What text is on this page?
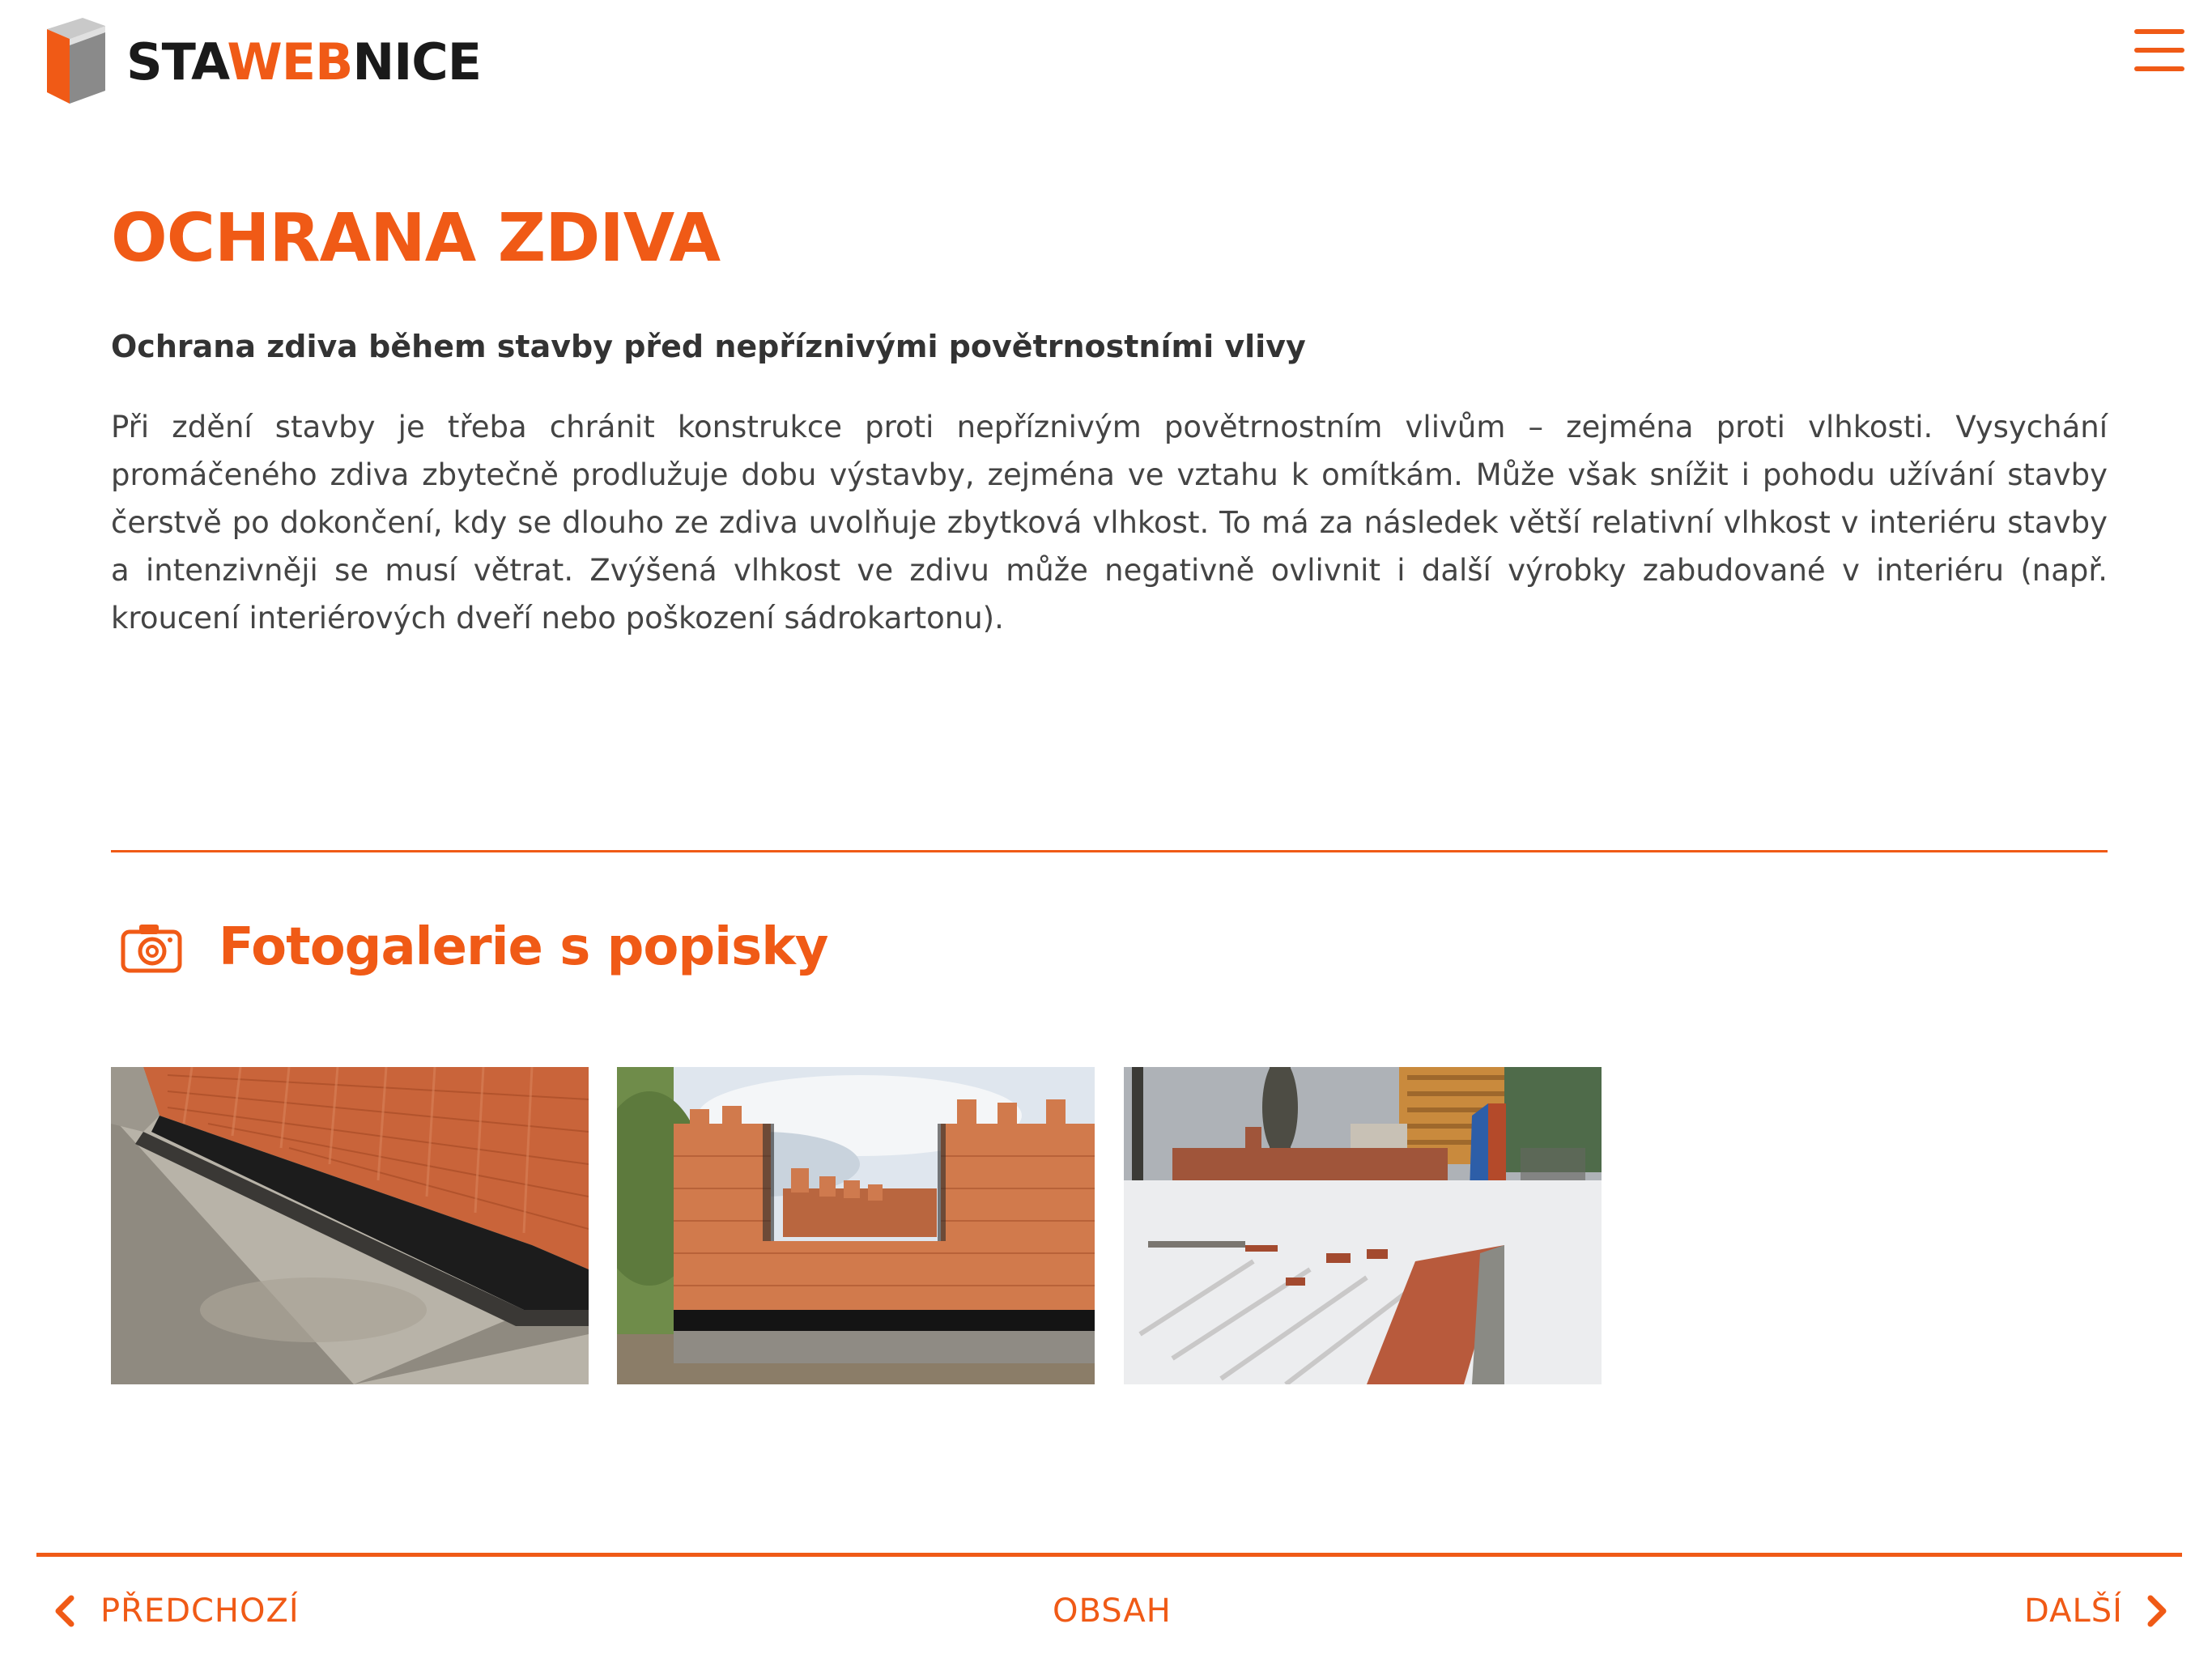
STAWEBNICE
OCHRANA ZDIVA

Ochrana zdiva během stavby před nepříznivými povětrnostními vlivy

Při zdění stavby je třeba chránit konstrukce proti nepříznivým povětrnostním vlivům – zejména proti vlhkosti. Vysychání promáčeného zdiva zbytečně prodlužuje dobu výstavby, zejména ve vztahu k omítkám. Může však snížit i pohodu užívání stavby čerstvě po dokončení, kdy se dlouho ze zdiva uvolňuje zbytková vlhkost. To má za následek větší relativní vlhkost v interiéru stavby a intenzivněji se musí větrat. Zvýšená vlhkost ve zdivu může negativně ovlivnit i další výrobky zabudované v interiéru (např. kroucení interiérových dveří nebo poškození sádrokartonu).

Fotogalerie s popisky
PŘEDCHOZÍ	OBSAH	DALŠÍ
